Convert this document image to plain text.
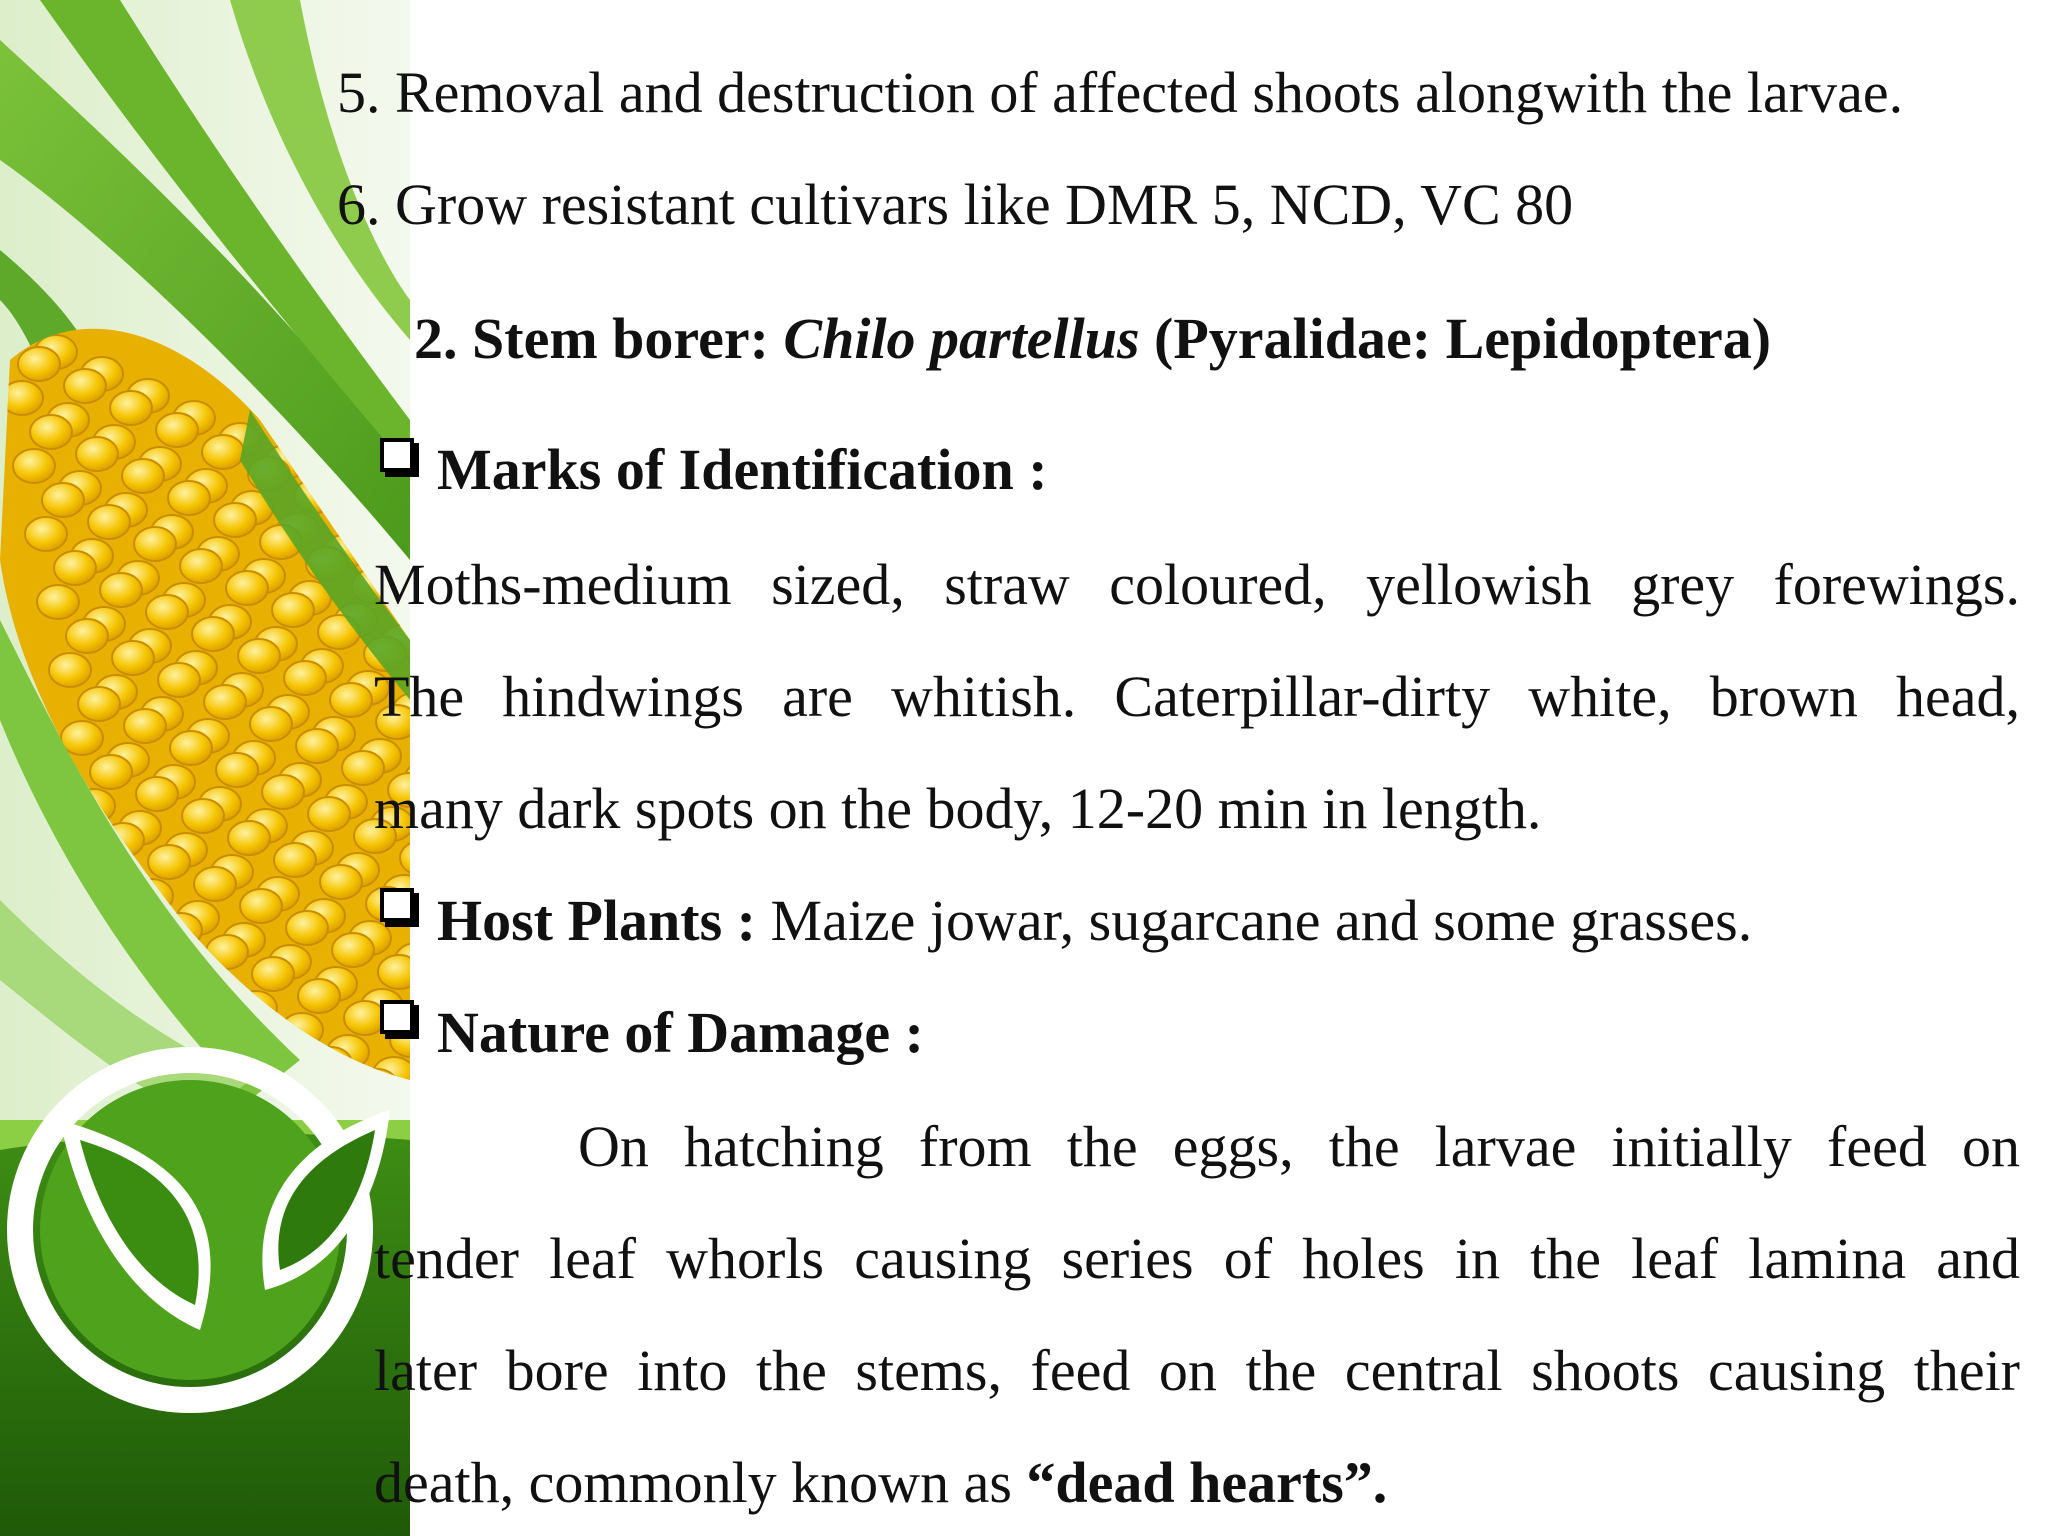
5. Removal and destruction of affected shoots alongwith the larvae.
6. Grow resistant cultivars like DMR 5, NCD, VC 80
2. Stem borer: Chilo partellus (Pyralidae: Lepidoptera)
Marks of Identification :
Moths-medium sized, straw coloured, yellowish grey forewings.
The hindwings are whitish. Caterpillar-dirty white, brown head,
many dark spots on the body, 12-20 min in length.
Host Plants : Maize jowar, sugarcane and some grasses.
Nature of Damage :
On hatching from the eggs, the larvae initially feed on
tender leaf whorls causing series of holes in the leaf lamina and
later bore into the stems, feed on the central shoots causing their
death, commonly known as “dead hearts”.
